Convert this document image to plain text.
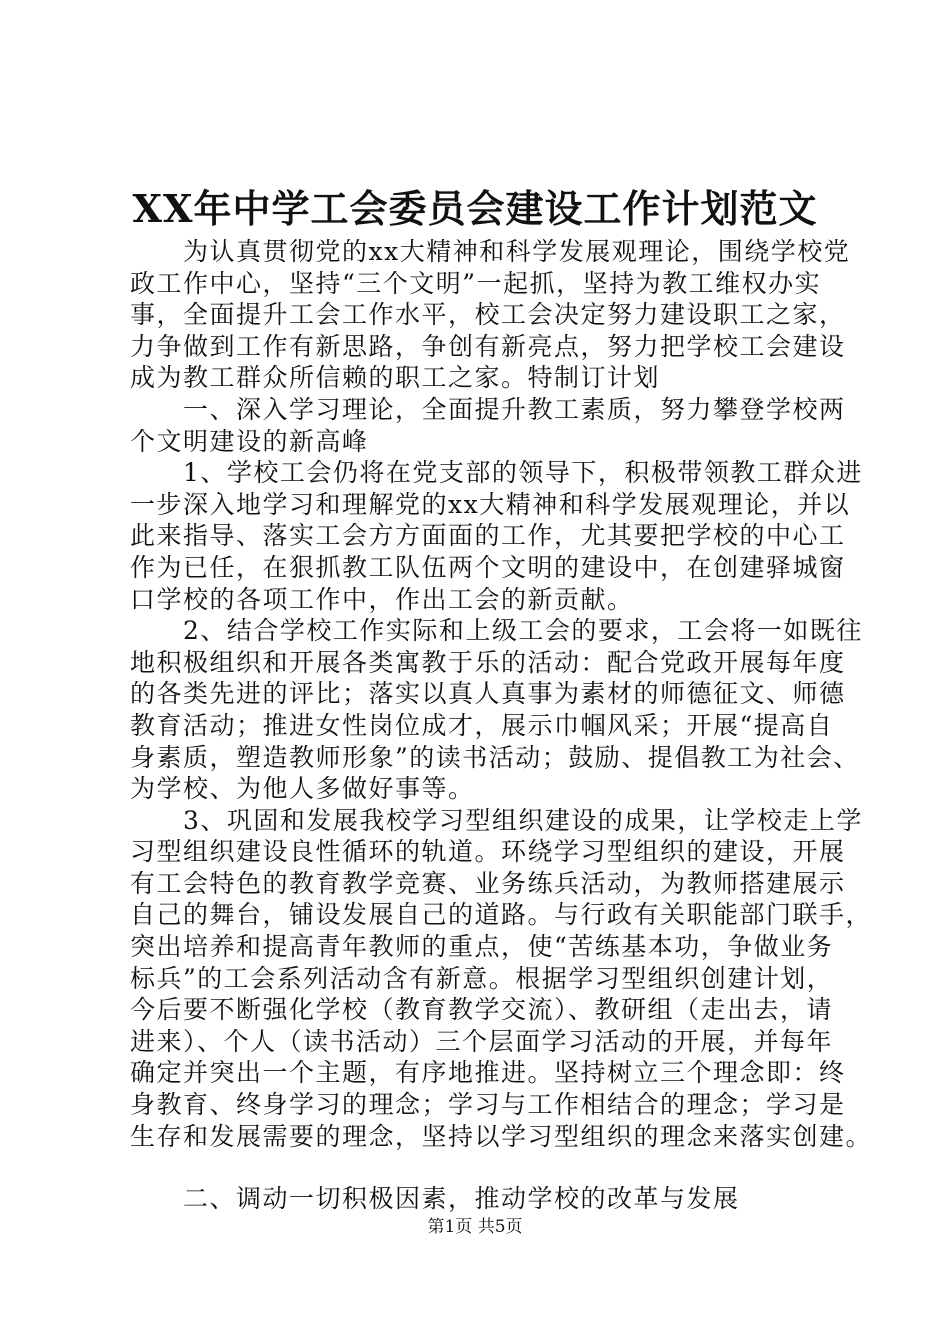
XX年中学工会委员会建设工作计划范文
　　为认真贯彻党的xx大精神和科学发展观理论，围绕学校党
政工作中心，坚持“三个文明”一起抓，坚持为教工维权办实
事，全面提升工会工作水平，校工会决定努力建设职工之家，
力争做到工作有新思路，争创有新亮点，努力把学校工会建设
成为教工群众所信赖的职工之家。特制订计划
　　一、深入学习理论，全面提升教工素质，努力攀登学校两
个文明建设的新高峰
　　1、学校工会仍将在党支部的领导下，积极带领教工群众进
一步深入地学习和理解党的xx大精神和科学发展观理论，并以
此来指导、落实工会方方面面的工作，尤其要把学校的中心工
作为已任，在狠抓教工队伍两个文明的建设中，在创建驿城窗
口学校的各项工作中，作出工会的新贡献。
　　2、结合学校工作实际和上级工会的要求，工会将一如既往
地积极组织和开展各类寓教于乐的活动：配合党政开展每年度
的各类先进的评比；落实以真人真事为素材的师德征文、师德
教育活动；推进女性岗位成才，展示巾帼风采；开展“提高自
身素质，塑造教师形象”的读书活动；鼓励、提倡教工为社会、
为学校、为他人多做好事等。
　　3、巩固和发展我校学习型组织建设的成果，让学校走上学
习型组织建设良性循环的轨道。环绕学习型组织的建设，开展
有工会特色的教育教学竞赛、业务练兵活动，为教师搭建展示
自己的舞台，铺设发展自己的道路。与行政有关职能部门联手，
突出培养和提高青年教师的重点，使“苦练基本功，争做业务
标兵”的工会系列活动含有新意。根据学习型组织创建计划，
今后要不断强化学校（教育教学交流）、教研组（走出去，请
进来）、个人（读书活动）三个层面学习活动的开展，并每年
确定并突出一个主题，有序地推进。坚持树立三个理念即：终
身教育、终身学习的理念；学习与工作相结合的理念；学习是
生存和发展需要的理念，坚持以学习型组织的理念来落实创建。
　　二、调动一切积极因素，推动学校的改革与发展
第1页 共5页
